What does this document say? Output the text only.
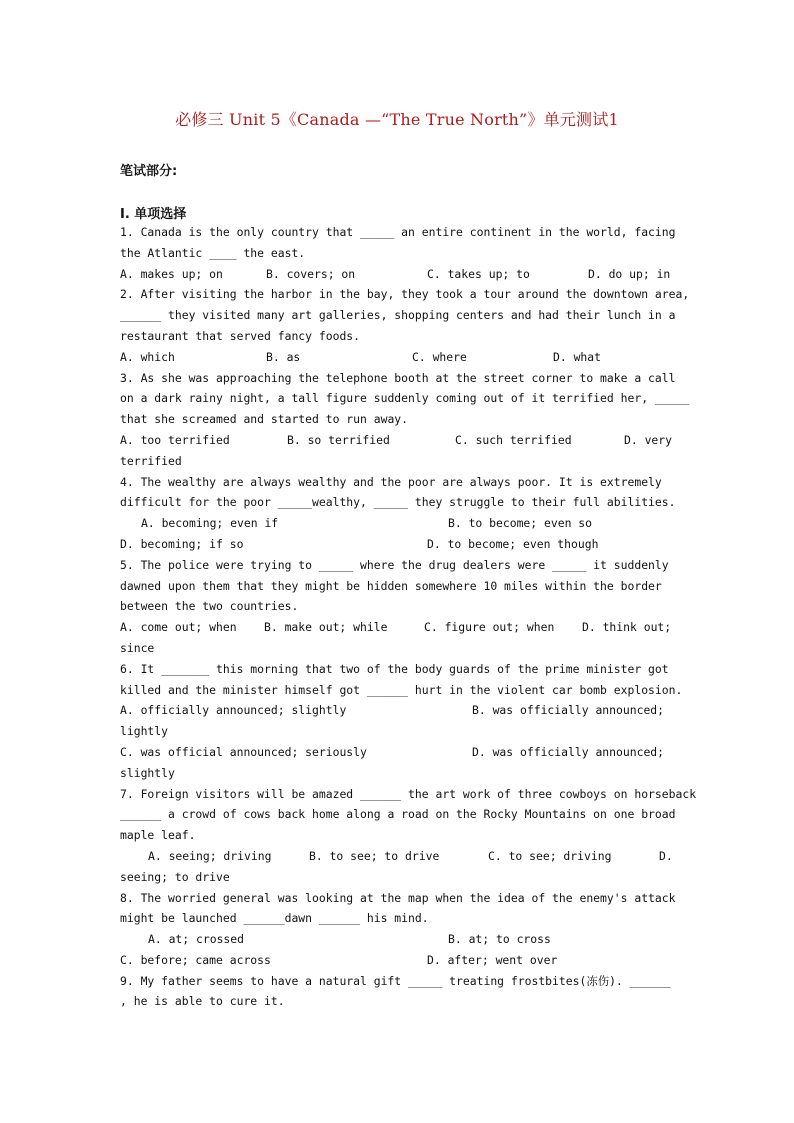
必修三 Unit 5《Canada —“The True North”》单元测试1
笔试部分:
I. 单项选择
1. Canada is the only country that _____ an entire continent in the world, facing
the Atlantic ____ the east.
A. makes up; on	B. covers; on	C. takes up; to	D. do up; in
2. After visiting the harbor in the bay, they took a tour around the downtown area,
______ they visited many art galleries, shopping centers and had their lunch in a
restaurant that served fancy foods.
A. which	B. as	C. where	D. what
3. As she was approaching the telephone booth at the street corner to make a call
on a dark rainy night, a tall figure suddenly coming out of it terrified her, _____
that she screamed and started to run away.
A. too terrified	B. so terrified	C. such terrified	D. very
terrified
4. The wealthy are always wealthy and the poor are always poor. It is extremely
difficult for the poor _____wealthy, _____ they struggle to their full abilities.
A. becoming; even if	B. to become; even so
D. becoming; if so	D. to become; even though
5. The police were trying to _____ where the drug dealers were _____ it suddenly
dawned upon them that they might be hidden somewhere 10 miles within the border
between the two countries.
A. come out; when B. make out; while	C. figure out; when D. think out;
since
6. It _______ this morning that two of the body guards of the prime minister got
killed and the minister himself got ______ hurt in the violent car bomb explosion.
A. officially announced; slightly	B. was officially announced;
lightly
C. was official announced; seriously	D. was officially announced;
slightly
7. Foreign visitors will be amazed ______ the art work of three cowboys on horseback
______ a crowd of cows back home along a road on the Rocky Mountains on one broad
maple leaf.
A. seeing; driving	B. to see; to drive	C. to see; driving	D.
seeing; to drive
8. The worried general was looking at the map when the idea of the enemy's attack
might be launched ______dawn ______ his mind.
A. at; crossed	B. at; to cross
C. before; came across	D. after; went over
9. My father seems to have a natural gift _____ treating frostbites(冻伤). ______
, he is able to cure it.
